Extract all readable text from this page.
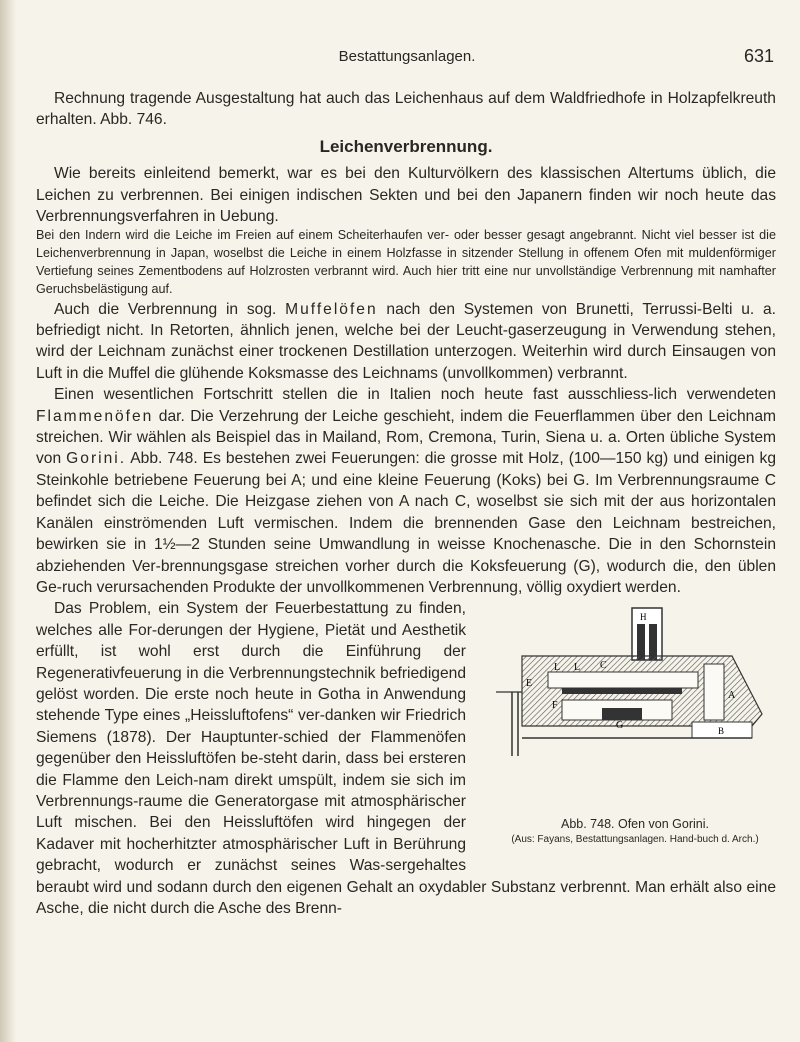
Bestattungsanlagen.	631

Rechnung tragende Ausgestaltung hat auch das Leichenhaus auf dem Waldfriedhofe in Holzapfelkreuth erhalten. Abb. 746.

Leichenverbrennung.

Wie bereits einleitend bemerkt, war es bei den Kulturvölkern des klassischen Altertums üblich, die Leichen zu verbrennen. Bei einigen indischen Sekten und bei den Japanern finden wir noch heute das Verbrennungsverfahren in Uebung.

Bei den Indern wird die Leiche im Freien auf einem Scheiterhaufen ver- oder besser gesagt angebrannt. Nicht viel besser ist die Leichenverbrennung in Japan, woselbst die Leiche in einem Holzfasse in sitzender Stellung in offenem Ofen mit muldenförmiger Vertiefung seines Zementbodens auf Holzrosten verbrannt wird. Auch hier tritt eine nur unvollständige Verbrennung mit namhafter Geruchsbelästigung auf.

Auch die Verbrennung in sog. Muffelöfen nach den Systemen von Brunetti, Terrussi-Belti u. a. befriedigt nicht. In Retorten, ähnlich jenen, welche bei der Leucht-gaserzeugung in Verwendung stehen, wird der Leichnam zunächst einer trockenen Destillation unterzogen. Weiterhin wird durch Einsaugen von Luft in die Muffel die glühende Koksmasse des Leichnams (unvollkommen) verbrannt.

Einen wesentlichen Fortschritt stellen die in Italien noch heute fast ausschliess-lich verwendeten Flammenöfen dar. Die Verzehrung der Leiche geschieht, indem die Feuerflammen über den Leichnam streichen. Wir wählen als Beispiel das in Mailand, Rom, Cremona, Turin, Siena u. a. Orten übliche System von Gorini. Abb. 748. Es bestehen zwei Feuerungen: die grosse mit Holz, (100—150 kg) und einigen kg Steinkohle betriebene Feuerung bei A; und eine kleine Feuerung (Koks) bei G. Im Verbrennungsraume C befindet sich die Leiche. Die Heizgase ziehen von A nach C, woselbst sie sich mit der aus horizontalen Kanälen einströmenden Luft vermischen. Indem die brennenden Gase den Leichnam bestreichen, bewirken sie in 1½—2 Stunden seine Umwandlung in weisse Knochenasche. Die in den Schornstein abziehenden Ver-brennungsgase streichen vorher durch die Koksfeuerung (G), wodurch die, den üblen Ge-ruch verursachenden Produkte der unvollkommenen Verbrennung, völlig oxydiert werden.

H
E
L L C
A
F
G	B
Abb. 748. Ofen von Gorini.
(Aus: Fayans, Bestattungsanlagen. Hand-buch d. Arch.)
Das Problem, ein System der Feuerbestattung zu finden, welches alle For-derungen der Hygiene, Pietät und Aesthetik erfüllt, ist wohl erst durch die Einführung der Regenerativfeuerung in die Verbrennungstechnik befriedigend gelöst worden. Die erste noch heute in Gotha in Anwendung stehende Type eines „Heissluftofens“ ver-danken wir Friedrich Siemens (1878). Der Hauptunter-schied der Flammenöfen gegenüber den Heissluftöfen be-steht darin, dass bei ersteren die Flamme den Leich-nam direkt umspült, indem sie sich im Verbrennungs-raume die Generatorgase mit atmosphärischer Luft mischen. Bei den Heissluftöfen wird hingegen der Kadaver mit hocherhitzter atmosphärischer Luft in Berührung gebracht, wodurch er zunächst seines Was-sergehaltes beraubt wird und sodann durch den eigenen Gehalt an oxydabler Substanz verbrennt. Man erhält also eine Asche, die nicht durch die Asche des Brenn-
